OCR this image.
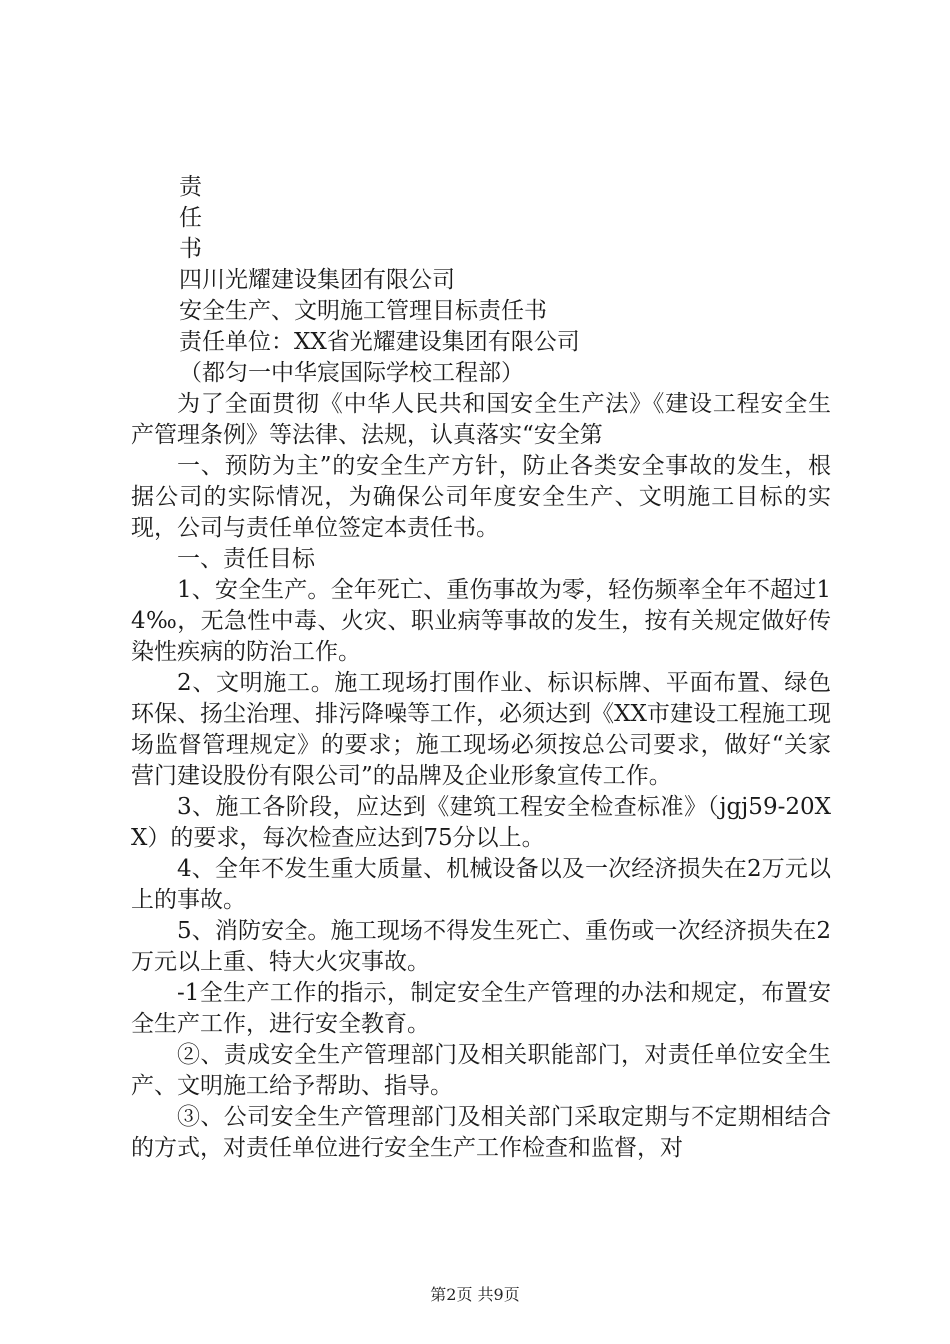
责
任
书
四川光耀建设集团有限公司
安全生产、文明施工管理目标责任书
责任单位：XX省光耀建设集团有限公司
（都匀一中华宸国际学校工程部）
为了全面贯彻《中华人民共和国安全生产法》《建设工程安全生产管理条例》等法律、法规，认真落实“安全第
一、预防为主”的安全生产方针，防止各类安全事故的发生，根据公司的实际情况，为确保公司年度安全生产、文明施工目标的实现，公司与责任单位签定本责任书。
一、责任目标
1、安全生产。全年死亡、重伤事故为零，轻伤频率全年不超过14‰，无急性中毒、火灾、职业病等事故的发生，按有关规定做好传染性疾病的防治工作。
2、文明施工。施工现场打围作业、标识标牌、平面布置、绿色环保、扬尘治理、排污降噪等工作，必须达到《XX市建设工程施工现场监督管理规定》的要求；施工现场必须按总公司要求，做好“关家营门建设股份有限公司”的品牌及企业形象宣传工作。
3、施工各阶段，应达到《建筑工程安全检查标准》（jgj59-20XX）的要求，每次检查应达到75分以上。
4、全年不发生重大质量、机械设备以及一次经济损失在2万元以上的事故。
5、消防安全。施工现场不得发生死亡、重伤或一次经济损失在2万元以上重、特大火灾事故。
-1全生产工作的指示，制定安全生产管理的办法和规定，布置安全生产工作，进行安全教育。
②、责成安全生产管理部门及相关职能部门，对责任单位安全生产、文明施工给予帮助、指导。
③、公司安全生产管理部门及相关部门采取定期与不定期相结合的方式，对责任单位进行安全生产工作检查和监督，对
第2页 共9页
